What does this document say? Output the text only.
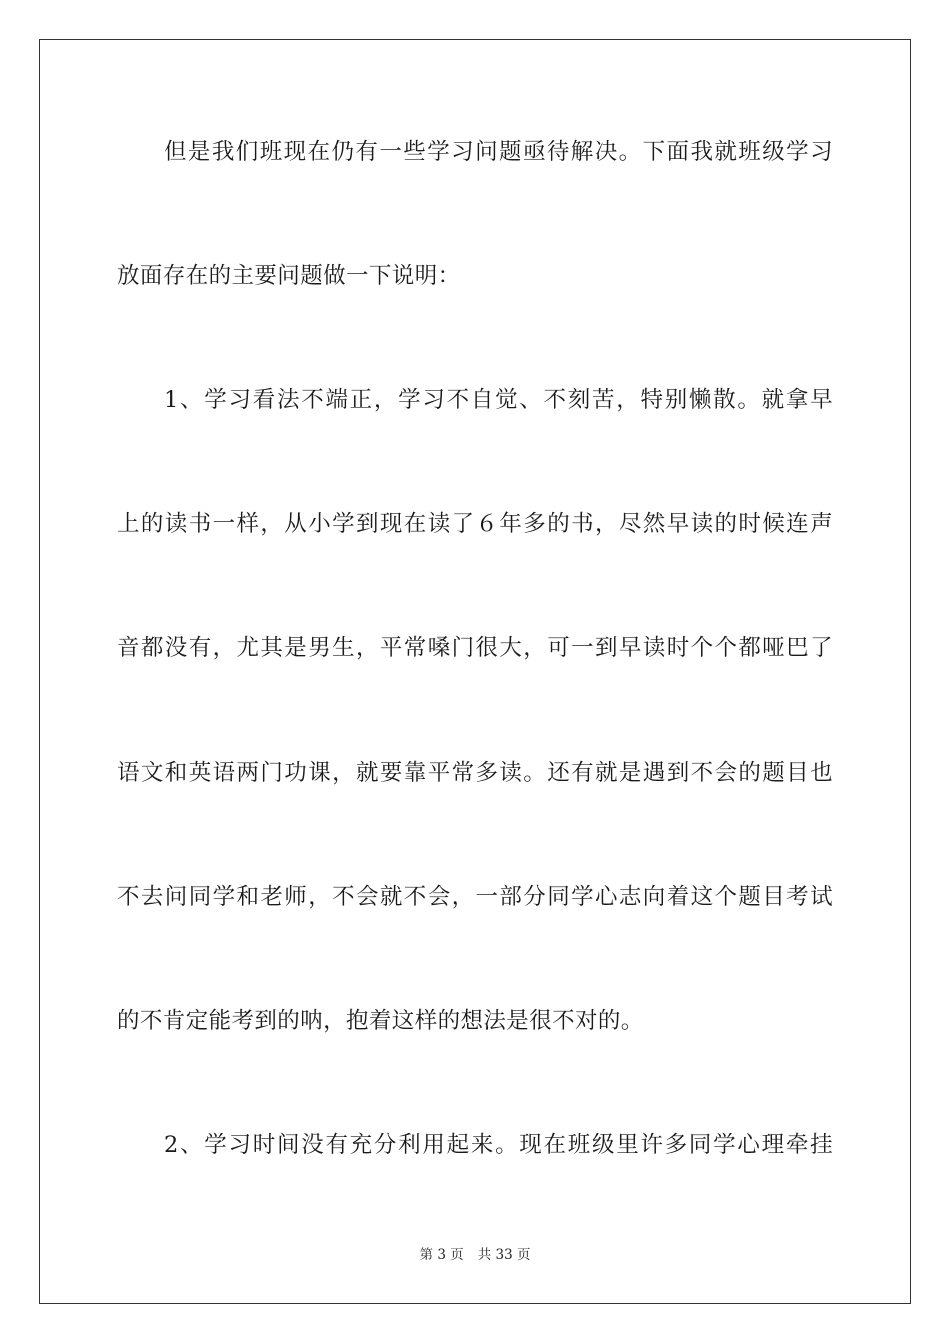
但是我们班现在仍有一些学习问题亟待解决。下面我就班级学习
放面存在的主要问题做一下说明：
1、学习看法不端正，学习不自觉、不刻苦，特别懒散。就拿早
上的读书一样，从小学到现在读了６年多的书，尽然早读的时候连声
音都没有，尤其是男生，平常嗓门很大，可一到早读时个个都哑巴了
语文和英语两门功课，就要靠平常多读。还有就是遇到不会的题目也
不去问同学和老师，不会就不会，一部分同学心志向着这个题目考试
的不肯定能考到的呐，抱着这样的想法是很不对的。
2、学习时间没有充分利用起来。现在班级里许多同学心理牵挂
第 3 页 共 33 页
